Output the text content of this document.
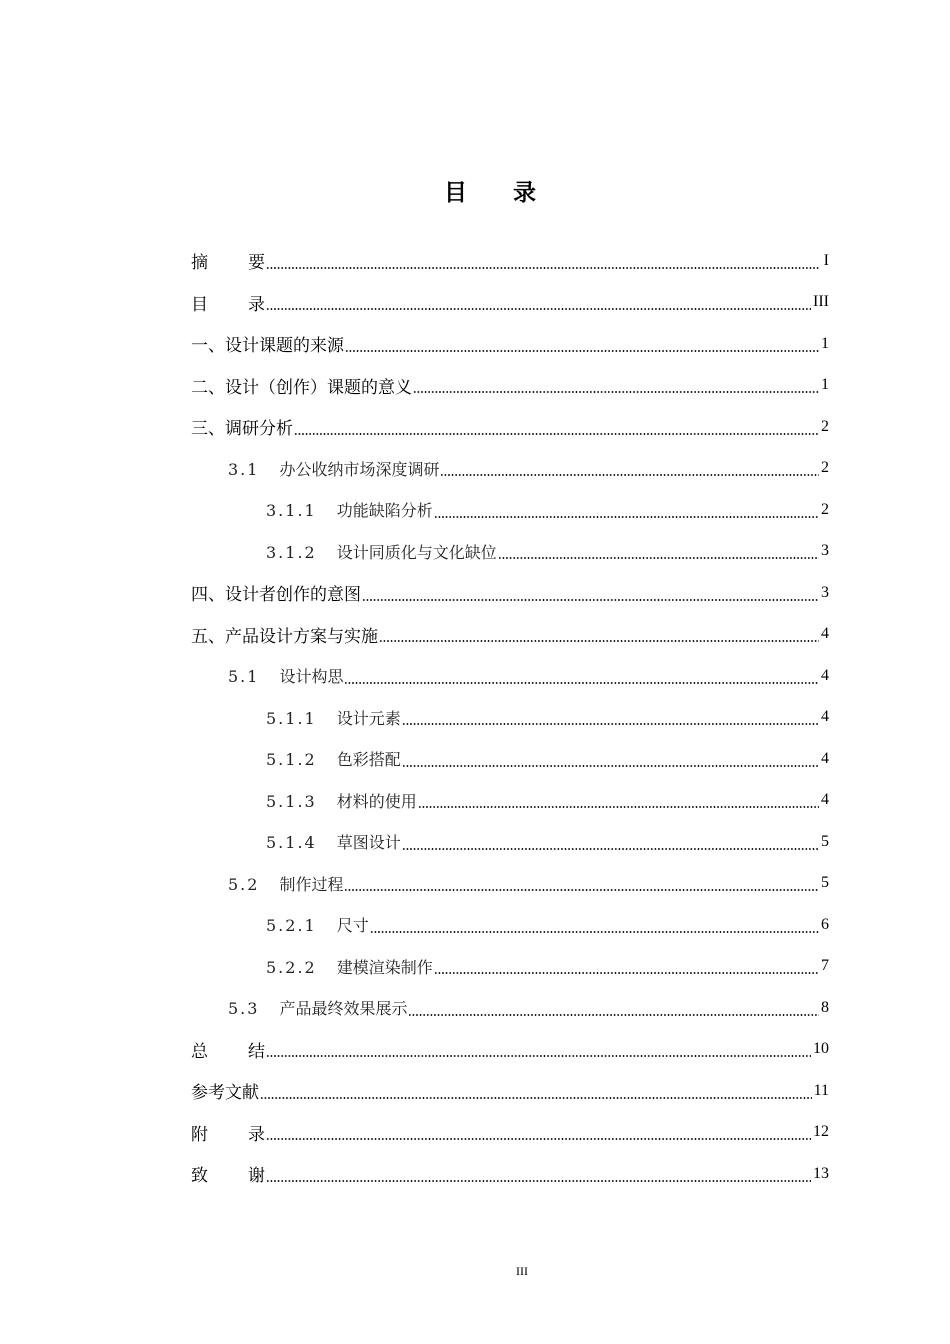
目 录
摘 要	I
目 录	III
一、设计课题的来源	1
二、设计（创作）课题的意义	1
三、调研分析	2
3.1 办公收纳市场深度调研	2
3.1.1 功能缺陷分析	2
3.1.2 设计同质化与文化缺位	3
四、设计者创作的意图	3
五、产品设计方案与实施	4
5.1 设计构思	4
5.1.1 设计元素	4
5.1.2 色彩搭配	4
5.1.3 材料的使用	4
5.1.4 草图设计	5
5.2 制作过程	5
5.2.1 尺寸	6
5.2.2 建模渲染制作	7
5.3 产品最终效果展示	8
总 结	10
参考文献	11
附 录	12
致 谢	13
III
